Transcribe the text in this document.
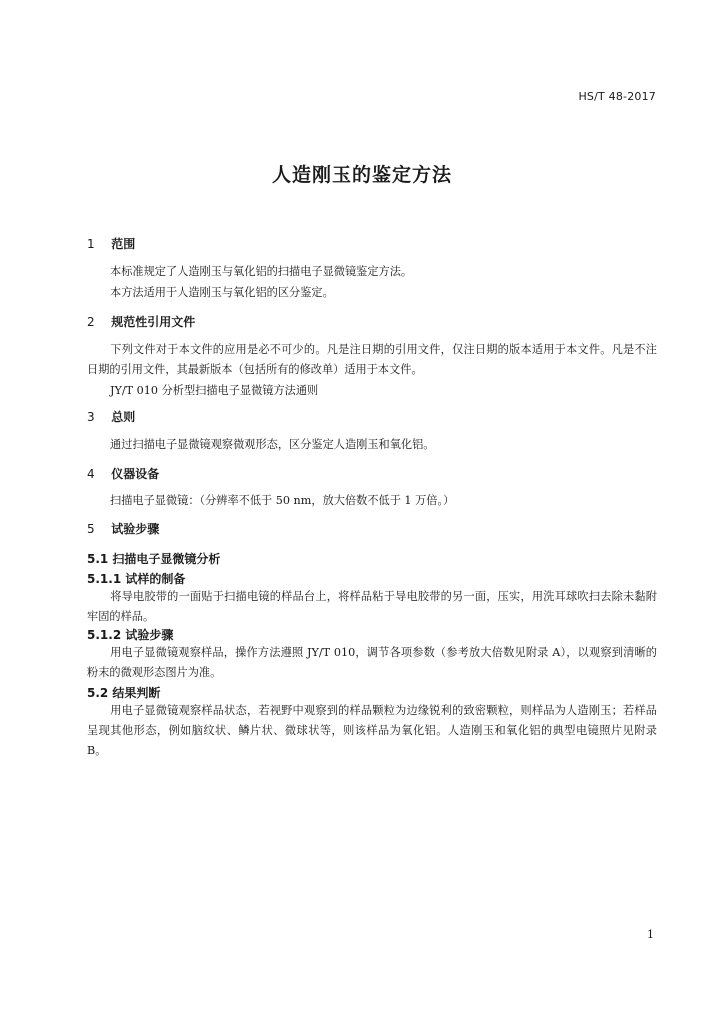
HS/T 48-2017
人造刚玉的鉴定方法
1 范围
本标准规定了人造刚玉与氧化铝的扫描电子显微镜鉴定方法。
本方法适用于人造刚玉与氧化铝的区分鉴定。
2 规范性引用文件
下列文件对于本文件的应用是必不可少的。凡是注日期的引用文件，仅注日期的版本适用于本文件。凡是不注日期的引用文件，其最新版本（包括所有的修改单）适用于本文件。
JY/T 010 分析型扫描电子显微镜方法通则
3 总则
通过扫描电子显微镜观察微观形态，区分鉴定人造刚玉和氧化铝。
4 仪器设备
扫描电子显微镜：（分辨率不低于 50 nm，放大倍数不低于 1 万倍。）
5 试验步骤
5.1 扫描电子显微镜分析
5.1.1 试样的制备
将导电胶带的一面贴于扫描电镜的样品台上，将样品粘于导电胶带的另一面，压实，用洗耳球吹扫去除未黏附牢固的样品。
5.1.2 试验步骤
用电子显微镜观察样品，操作方法遵照 JY/T 010，调节各项参数（参考放大倍数见附录 A），以观察到清晰的粉末的微观形态图片为准。
5.2 结果判断
用电子显微镜观察样品状态，若视野中观察到的样品颗粒为边缘锐利的致密颗粒，则样品为人造刚玉；若样品呈现其他形态，例如脑纹状、鳞片状、微球状等，则该样品为氧化铝。人造刚玉和氧化铝的典型电镜照片见附录 B。
1
